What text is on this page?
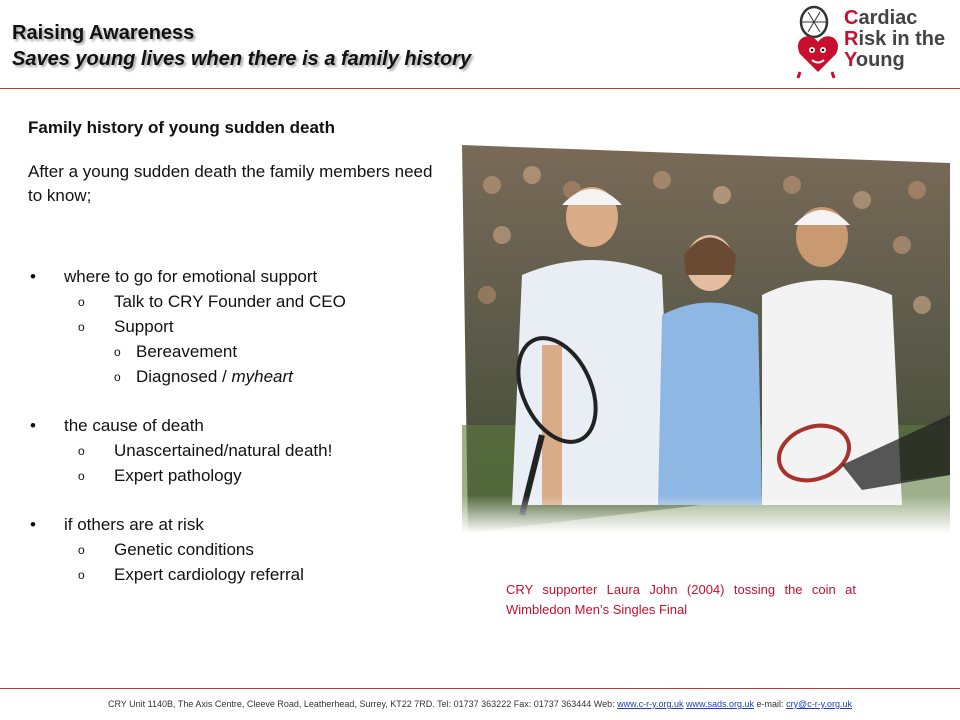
Raising Awareness
Saves young lives when there is a family history
Cardiac
Risk in the
Young

Family history of young sudden death

After a young sudden death the family members need to know;

• where to go for emotional support
o Talk to CRY Founder and CEO
o Support
o Bereavement
o Diagnosed / myheart
• the cause of death
o Unascertained/natural death!
o Expert pathology
• if others are at risk
o Genetic conditions
o Expert cardiology referral
CRY supporter Laura John (2004) tossing the coin at Wimbledon Men’s Singles Final
CRY Unit 1140B, The Axis Centre, Cleeve Road, Leatherhead, Surrey, KT22 7RD. Tel: 01737 363222 Fax: 01737 363444 Web: www.c-r-y.org.uk www.sads.org.uk e-mail: cry@c-r-y.org.uk
